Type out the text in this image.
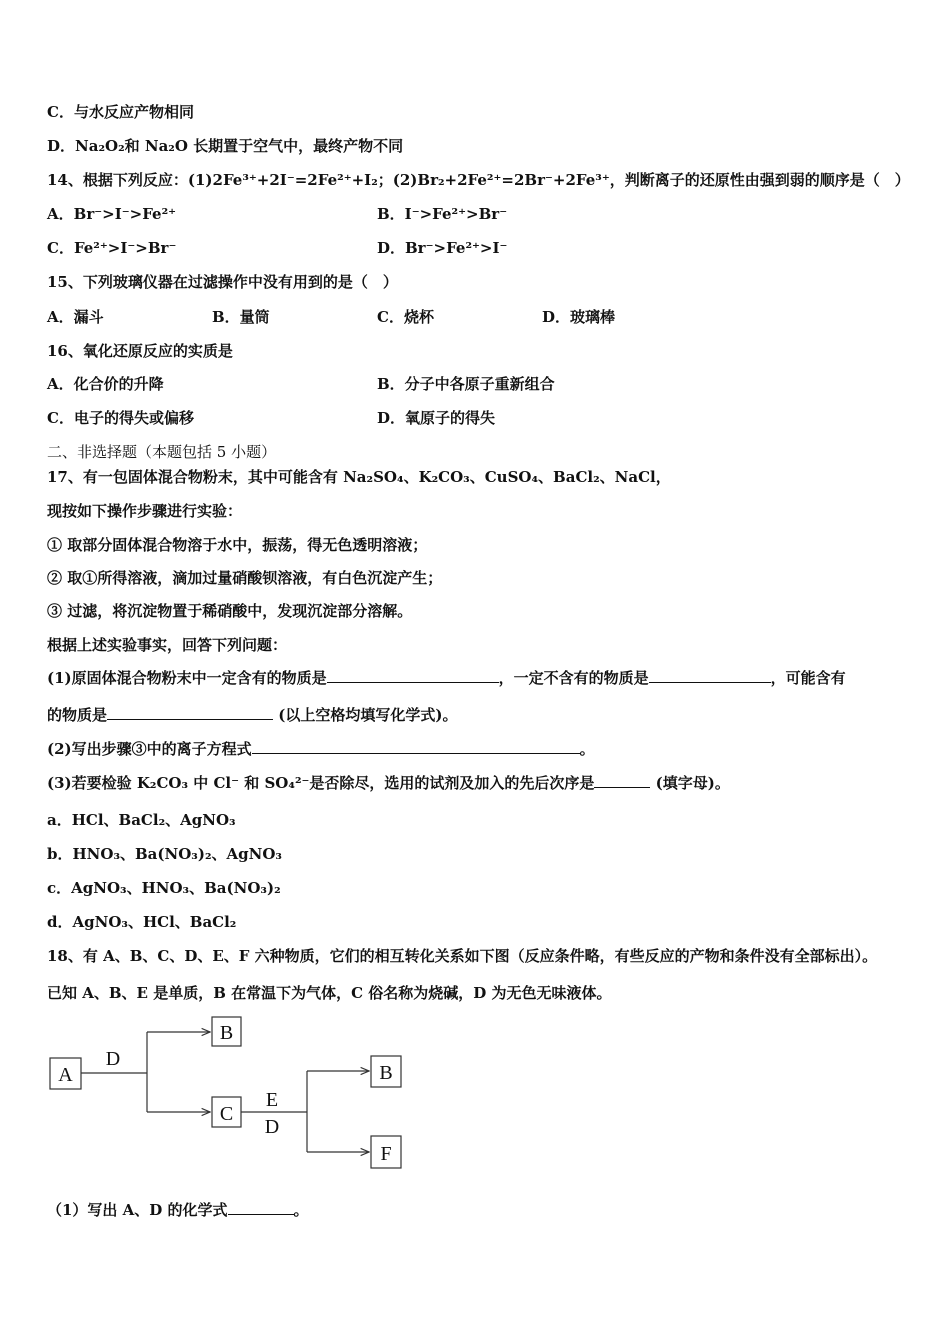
C．与水反应产物相同
D．Na₂O₂和 Na₂O 长期置于空气中，最终产物不同
14、根据下列反应：(1)2Fe³⁺+2I⁻=2Fe²⁺+I₂；(2)Br₂+2Fe²⁺=2Br⁻+2Fe³⁺，判断离子的还原性由强到弱的顺序是（　）
A．Br⁻>I⁻>Fe²⁺	B．I⁻>Fe²⁺>Br⁻
C．Fe²⁺>I⁻>Br⁻	D．Br⁻>Fe²⁺>I⁻
15、下列玻璃仪器在过滤操作中没有用到的是（　）
A．漏斗	B．量筒	C．烧杯	D．玻璃棒
16、氧化还原反应的实质是
A．化合价的升降	B．分子中各原子重新组合
C．电子的得失或偏移	D．氧原子的得失
二、非选择题（本题包括 5 小题）
17、有一包固体混合物粉末，其中可能含有 Na₂SO₄、K₂CO₃、CuSO₄、BaCl₂、NaCl，
现按如下操作步骤进行实验：
① 取部分固体混合物溶于水中，振荡，得无色透明溶液；
② 取①所得溶液，滴加过量硝酸钡溶液，有白色沉淀产生；
③ 过滤，将沉淀物置于稀硝酸中，发现沉淀部分溶解。
根据上述实验事实，回答下列问题：
(1)原固体混合物粉末中一定含有的物质是	，一定不含有的物质是	，可能含有
的物质是	(以上空格均填写化学式)。
(2)写出步骤③中的离子方程式	。
(3)若要检验 K₂CO₃ 中 Cl⁻ 和 SO₄²⁻是否除尽，选用的试剂及加入的先后次序是	(填字母)。
a．HCl、BaCl₂、AgNO₃
b．HNO₃、Ba(NO₃)₂、AgNO₃
c．AgNO₃、HNO₃、Ba(NO₃)₂
d．AgNO₃、HCl、BaCl₂
18、有 A、B、C、D、E、F 六种物质，它们的相互转化关系如下图（反应条件略，有些反应的产物和条件没有全部标出）。
已知 A、B、E 是单质，B 在常温下为气体，C 俗名称为烧碱，D 为无色无味液体。
A
D
B
C
E
D
B
F
（1）写出 A、D 的化学式	。
